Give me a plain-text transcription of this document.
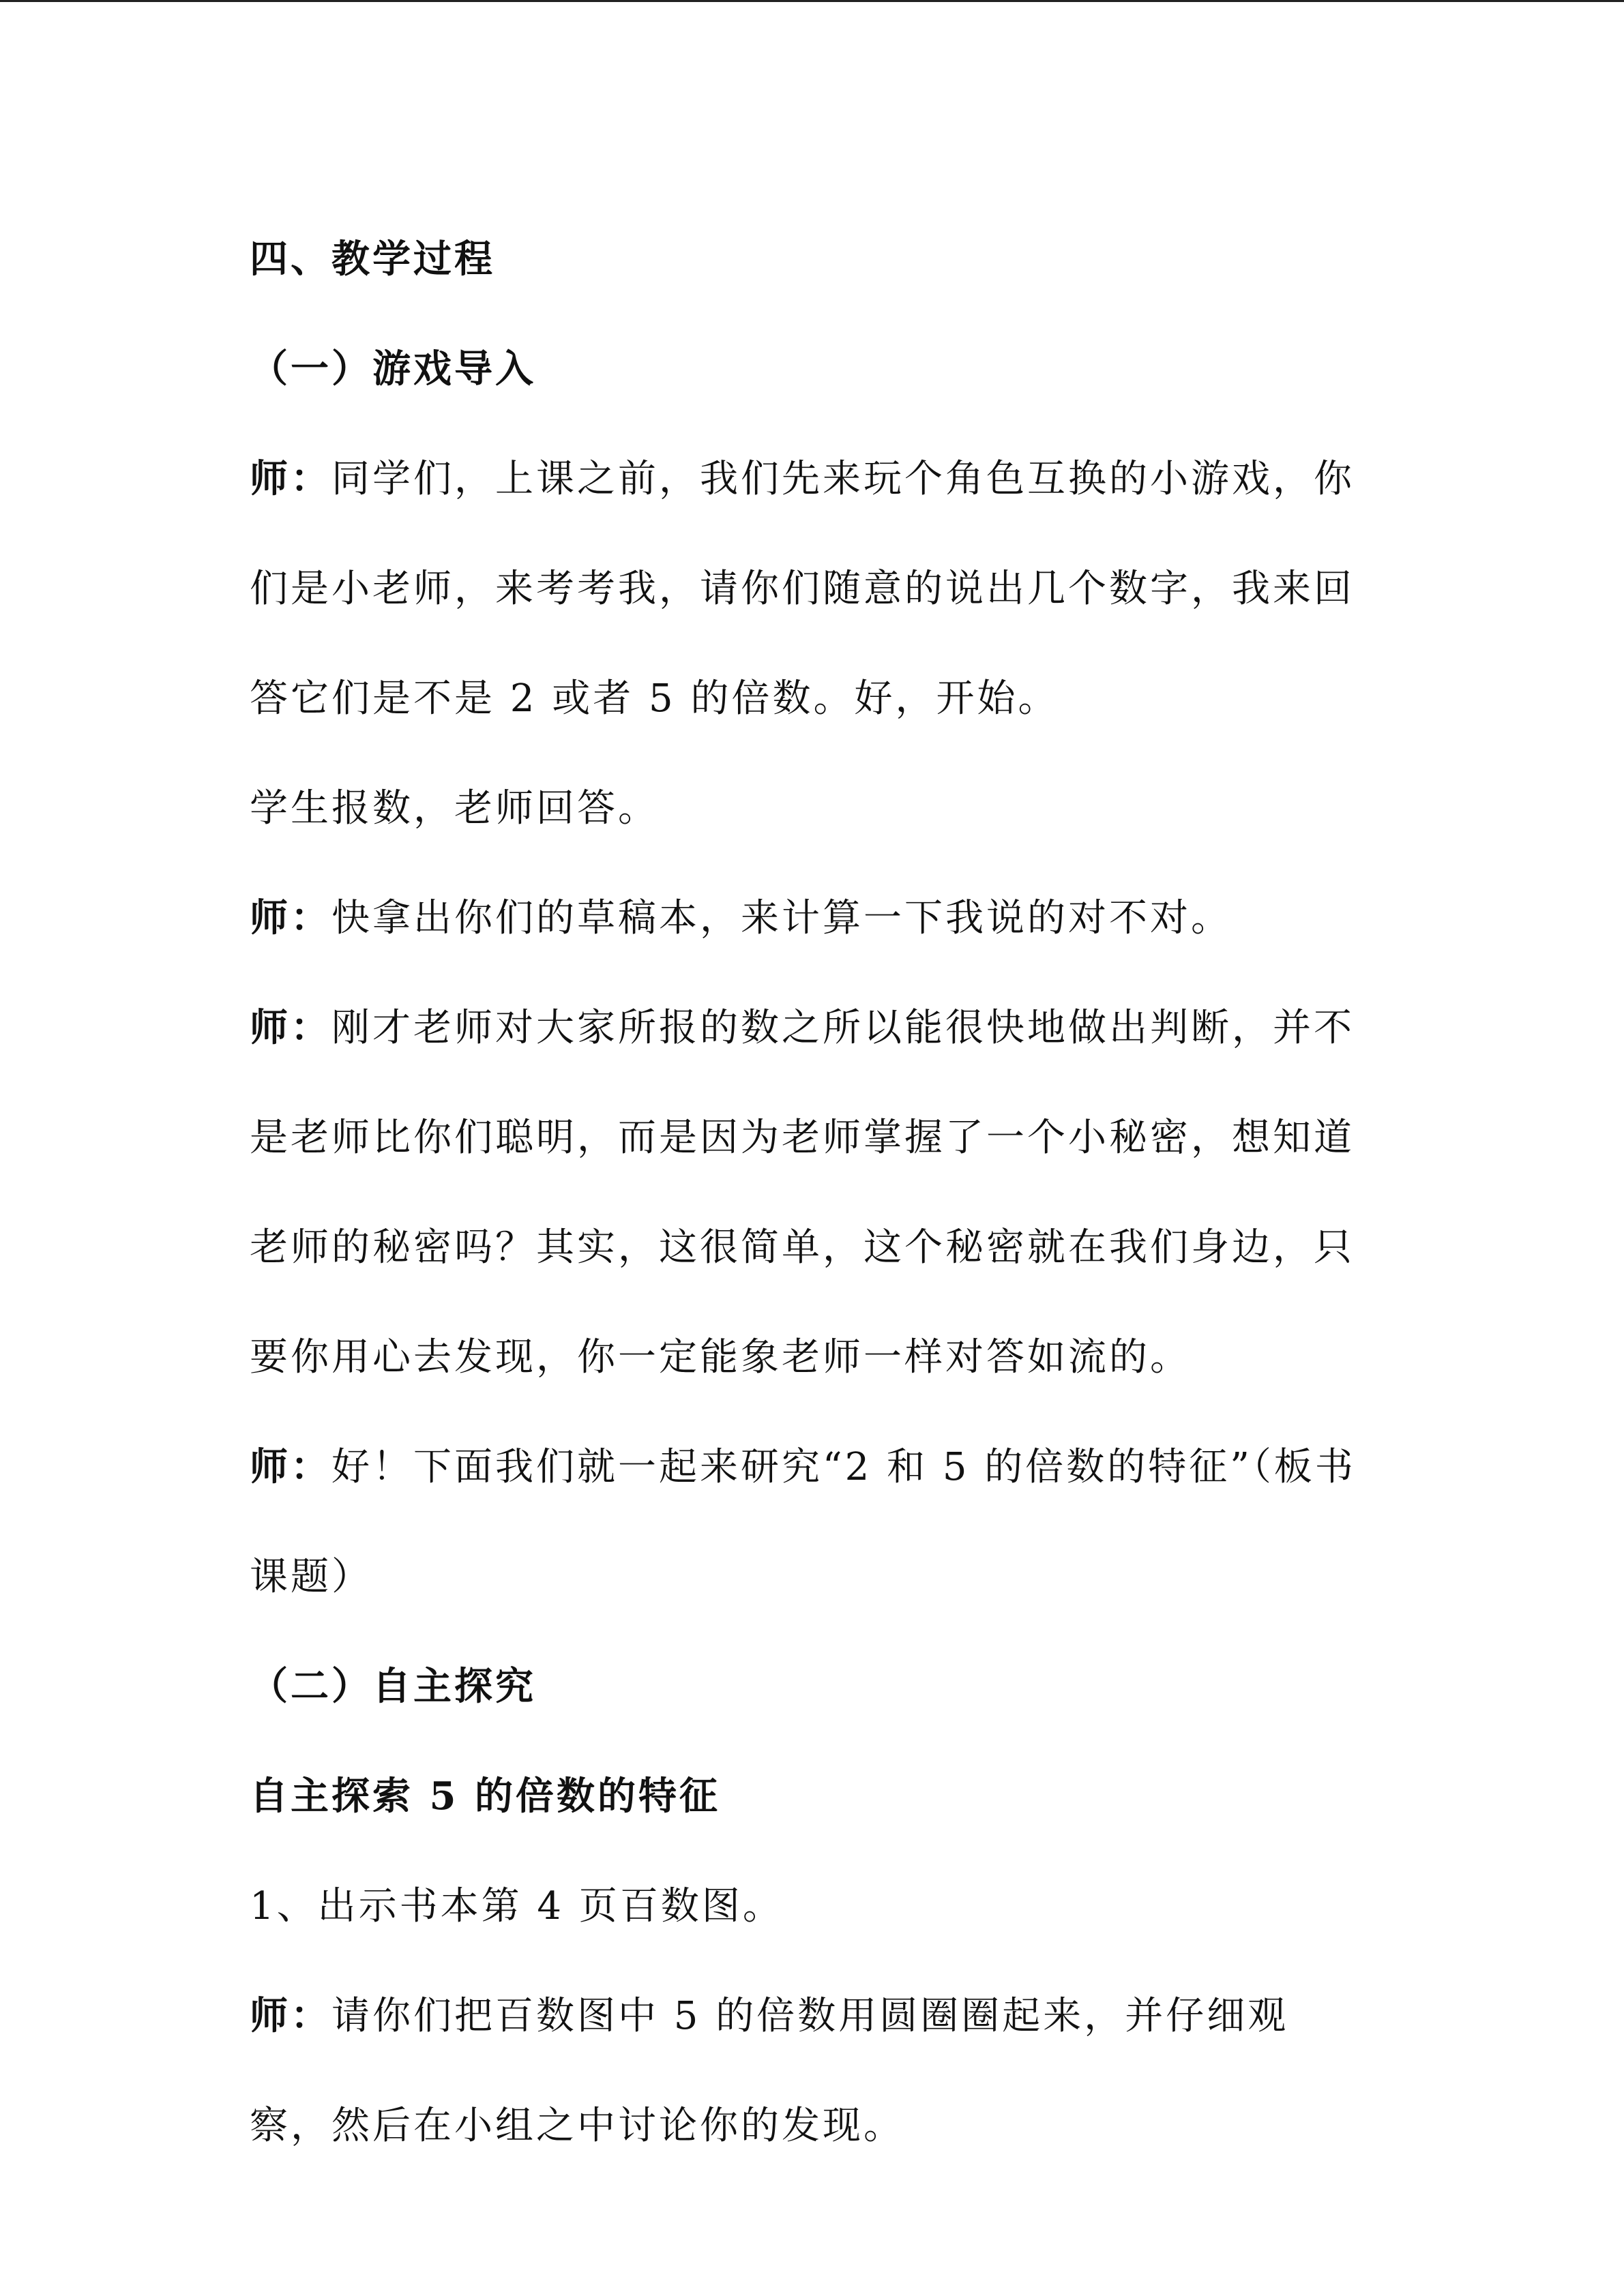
四、教学过程

（一）游戏导入

师：同学们，上课之前，我们先来玩个角色互换的小游戏，你们是小老师，来考考我，请你们随意的说出几个数字，我来回答它们是不是 2 或者 5 的倍数。好，开始。

学生报数，老师回答。

师：快拿出你们的草稿本，来计算一下我说的对不对。

师：刚才老师对大家所报的数之所以能很快地做出判断，并不是老师比你们聪明，而是因为老师掌握了一个小秘密，想知道老师的秘密吗？其实，这很简单，这个秘密就在我们身边，只要你用心去发现，你一定能象老师一样对答如流的。

师：好！下面我们就一起来研究“2 和 5 的倍数的特征”（板书课题）

（二）自主探究

自主探索 5 的倍数的特征

1、出示书本第 4 页百数图。

师：请你们把百数图中 5 的倍数用圆圈圈起来，并仔细观察，然后在小组之中讨论你的发现。
